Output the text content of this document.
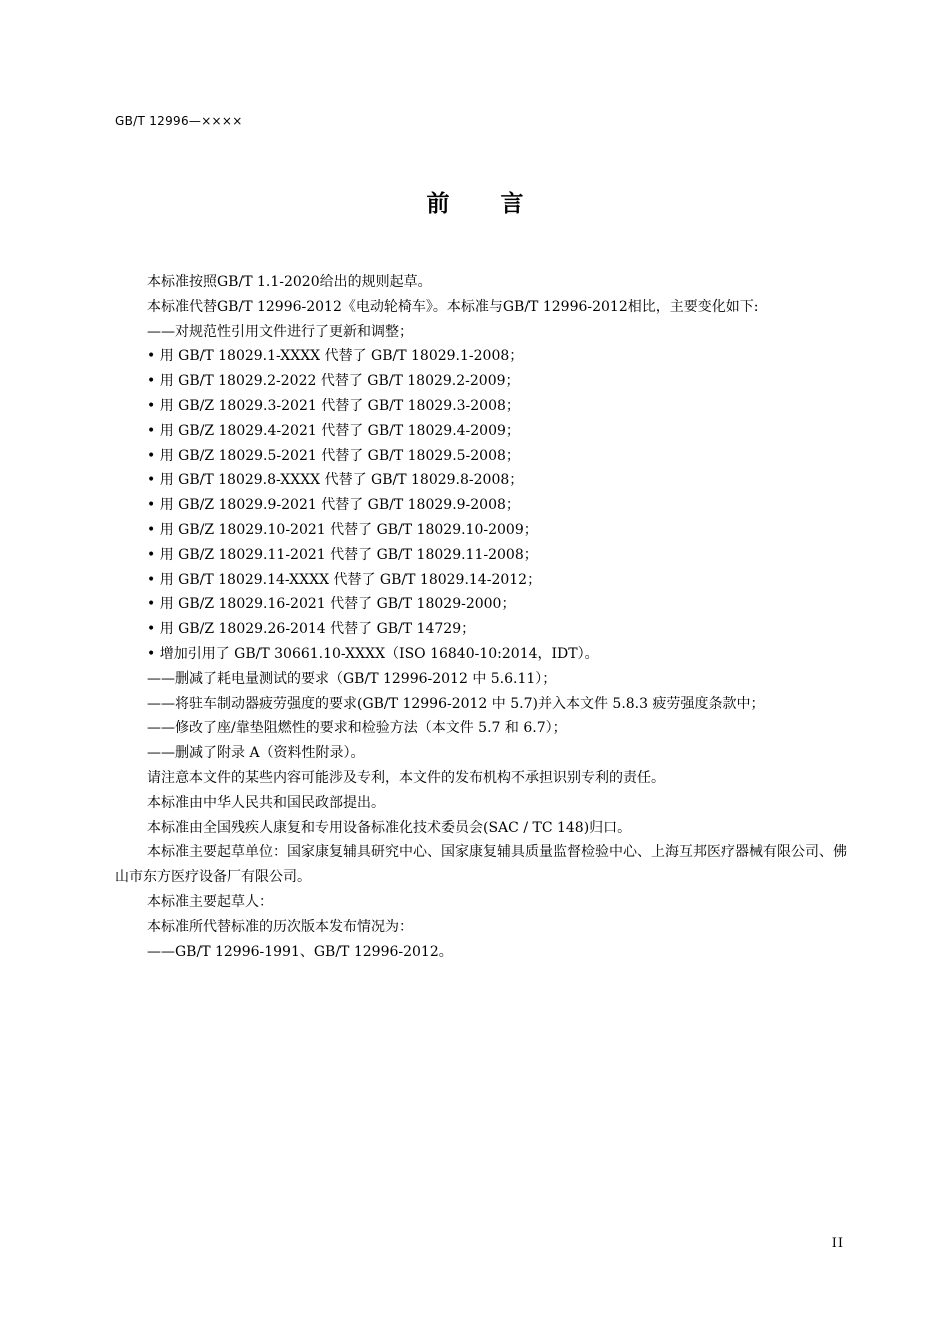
GB/T 12996—××××
前　言
本标准按照GB/T 1.1-2020给出的规则起草。
本标准代替GB/T 12996-2012《电动轮椅车》。本标准与GB/T 12996-2012相比，主要变化如下:
——对规范性引用文件进行了更新和调整；
• 用 GB/T 18029.1-XXXX 代替了 GB/T 18029.1-2008；
• 用 GB/T 18029.2-2022 代替了 GB/T 18029.2-2009；
• 用 GB/Z 18029.3-2021 代替了 GB/T 18029.3-2008；
• 用 GB/Z 18029.4-2021 代替了 GB/T 18029.4-2009；
• 用 GB/Z 18029.5-2021 代替了 GB/T 18029.5-2008；
• 用 GB/T 18029.8-XXXX 代替了 GB/T 18029.8-2008；
• 用 GB/Z 18029.9-2021 代替了 GB/T 18029.9-2008；
• 用 GB/Z 18029.10-2021 代替了 GB/T 18029.10-2009；
• 用 GB/Z 18029.11-2021 代替了 GB/T 18029.11-2008；
• 用 GB/T 18029.14-XXXX 代替了 GB/T 18029.14-2012；
• 用 GB/Z 18029.16-2021 代替了 GB/T 18029-2000；
• 用 GB/Z 18029.26-2014 代替了 GB/T 14729；
• 增加引用了 GB/T 30661.10-XXXX（ISO 16840-10:2014，IDT）。
——删减了耗电量测试的要求（GB/T 12996-2012 中 5.6.11）；
——将驻车制动器疲劳强度的要求(GB/T 12996-2012 中 5.7)并入本文件 5.8.3 疲劳强度条款中；
——修改了座/靠垫阻燃性的要求和检验方法（本文件 5.7 和 6.7）；
——删减了附录 A（资料性附录）。
请注意本文件的某些内容可能涉及专利，本文件的发布机构不承担识别专利的责任。
本标准由中华人民共和国民政部提出。
本标准由全国残疾人康复和专用设备标准化技术委员会(SAC / TC 148)归口。
本标准主要起草单位：国家康复辅具研究中心、国家康复辅具质量监督检验中心、上海互邦医疗器械有限公司、佛山市东方医疗设备厂有限公司。
本标准主要起草人：
本标准所代替标准的历次版本发布情况为：
——GB/T 12996-1991、GB/T 12996-2012。
II
